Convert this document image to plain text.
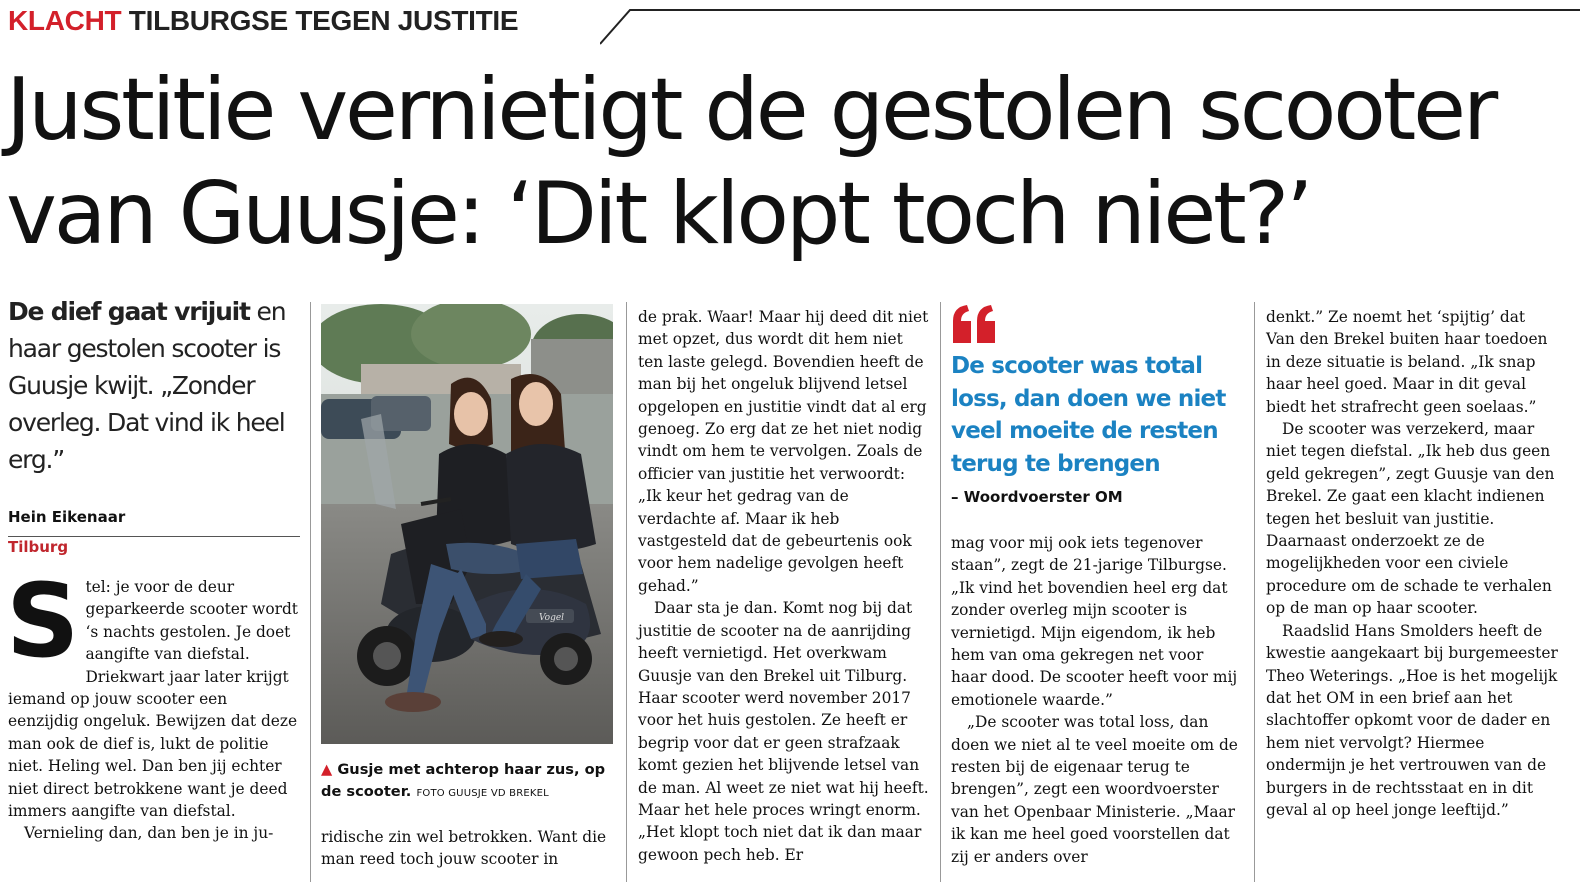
KLACHT TILBURGSE TEGEN JUSTITIE
Justitie vernietigt de gestolen scooter
van Guusje: ‘Dit klopt toch niet?’
De dief gaat vrijuit en haar gestolen scooter is Guusje kwijt. „Zonder overleg. Dat vind ik heel erg.”
Hein Eikenaar
Tilburg
S tel: je voor de deur geparkeerde scooter wordt ‘s nachts gestolen. Je doet aangifte van diefstal. Driekwart jaar later krijgt iemand op jouw scooter een eenzijdig ongeluk. Bewijzen dat deze man ook de dief is, lukt de politie niet. Heling wel. Dan ben jij echter niet direct betrokkene want je deed immers aangifte van diefstal.

Vernieling dan, dan ben je in ju-

Vogel
▲ Gusje met achterop haar zus, op de scooter. FOTO GUUSJE VD BREKEL

ridische zin wel betrokken. Want die man reed toch jouw scooter in

de prak. Waar! Maar hij deed dit niet met opzet, dus wordt dit hem niet ten laste gelegd. Bovendien heeft de man bij het ongeluk blijvend letsel opgelopen en justitie vindt dat al erg genoeg. Zo erg dat ze het niet nodig vindt om hem te vervolgen. Zoals de officier van justitie het verwoordt: „Ik keur het gedrag van de verdachte af. Maar ik heb vastgesteld dat de gebeurtenis ook voor hem nadelige gevolgen heeft gehad.”

Daar sta je dan. Komt nog bij dat justitie de scooter na de aanrijding heeft vernietigd. Het overkwam Guusje van den Brekel uit Tilburg. Haar scooter werd november 2017 voor het huis gestolen. Ze heeft er begrip voor dat er geen strafzaak komt gezien het blijvende letsel van de man. Al weet ze niet wat hij heeft. Maar het hele proces wringt enorm. „Het klopt toch niet dat ik dan maar gewoon pech heb. Er

De scooter was total loss, dan doen we niet veel moeite de resten terug te brengen
– Woordvoerster OM

mag voor mij ook iets tegenover staan”, zegt de 21-jarige Tilburgse. „Ik vind het bovendien heel erg dat zonder overleg mijn scooter is vernietigd. Mijn eigendom, ik heb hem van oma gekregen net voor haar dood. De scooter heeft voor mij emotionele waarde.”

„De scooter was total loss, dan doen we niet al te veel moeite om de resten bij de eigenaar terug te brengen”, zegt een woordvoerster van het Openbaar Ministerie. „Maar ik kan me heel goed voorstellen dat zij er anders over

denkt.” Ze noemt het ‘spijtig’ dat Van den Brekel buiten haar toedoen in deze situatie is beland. „Ik snap haar heel goed. Maar in dit geval biedt het strafrecht geen soelaas.”

De scooter was verzekerd, maar niet tegen diefstal. „Ik heb dus geen geld gekregen”, zegt Guusje van den Brekel. Ze gaat een klacht indienen tegen het besluit van justitie. Daarnaast onderzoekt ze de mogelijkheden voor een civiele procedure om de schade te verhalen op de man op haar scooter.

Raadslid Hans Smolders heeft de kwestie aangekaart bij burgemeester Theo Weterings. „Hoe is het mogelijk dat het OM in een brief aan het slachtoffer opkomt voor de dader en hem niet vervolgt? Hiermee ondermijn je het vertrouwen van de burgers in de rechtsstaat en in dit geval al op heel jonge leeftijd.”
